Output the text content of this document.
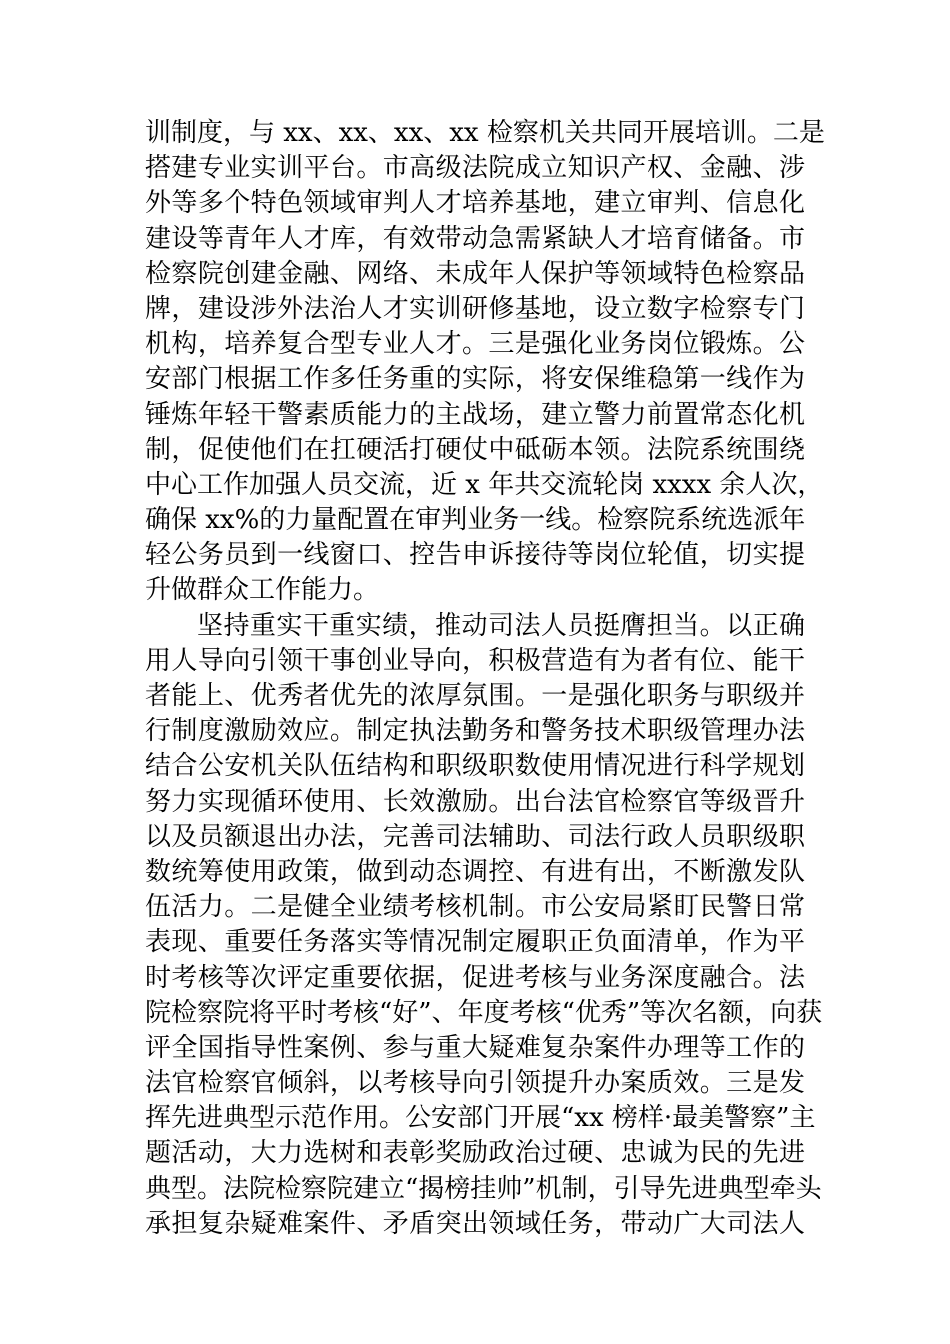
训制度，与 xx、xx、xx、xx 检察机关共同开展培训。二是
搭建专业实训平台。市高级法院成立知识产权、金融、涉
外等多个特色领域审判人才培养基地，建立审判、信息化
建设等青年人才库，有效带动急需紧缺人才培育储备。市
检察院创建金融、网络、未成年人保护等领域特色检察品
牌，建设涉外法治人才实训研修基地，设立数字检察专门
机构，培养复合型专业人才。三是强化业务岗位锻炼。公
安部门根据工作多任务重的实际，将安保维稳第一线作为
锤炼年轻干警素质能力的主战场，建立警力前置常态化机
制，促使他们在扛硬活打硬仗中砥砺本领。法院系统围绕
中心工作加强人员交流，近 x 年共交流轮岗 xxxx 余人次，
确保 xx%的力量配置在审判业务一线。检察院系统选派年
轻公务员到一线窗口、控告申诉接待等岗位轮值，切实提
升做群众工作能力。
坚持重实干重实绩，推动司法人员挺膺担当。以正确
用人导向引领干事创业导向，积极营造有为者有位、能干
者能上、优秀者优先的浓厚氛围。一是强化职务与职级并
行制度激励效应。制定执法勤务和警务技术职级管理办法
结合公安机关队伍结构和职级职数使用情况进行科学规划
努力实现循环使用、长效激励。出台法官检察官等级晋升
以及员额退出办法，完善司法辅助、司法行政人员职级职
数统筹使用政策，做到动态调控、有进有出，不断激发队
伍活力。二是健全业绩考核机制。市公安局紧盯民警日常
表现、重要任务落实等情况制定履职正负面清单，作为平
时考核等次评定重要依据，促进考核与业务深度融合。法
院检察院将平时考核“好”、年度考核“优秀”等次名额，向获
评全国指导性案例、参与重大疑难复杂案件办理等工作的
法官检察官倾斜，以考核导向引领提升办案质效。三是发
挥先进典型示范作用。公安部门开展“xx 榜样·最美警察”主
题活动，大力选树和表彰奖励政治过硬、忠诚为民的先进
典型。法院检察院建立“揭榜挂帅”机制，引导先进典型牵头
承担复杂疑难案件、矛盾突出领域任务，带动广大司法人
